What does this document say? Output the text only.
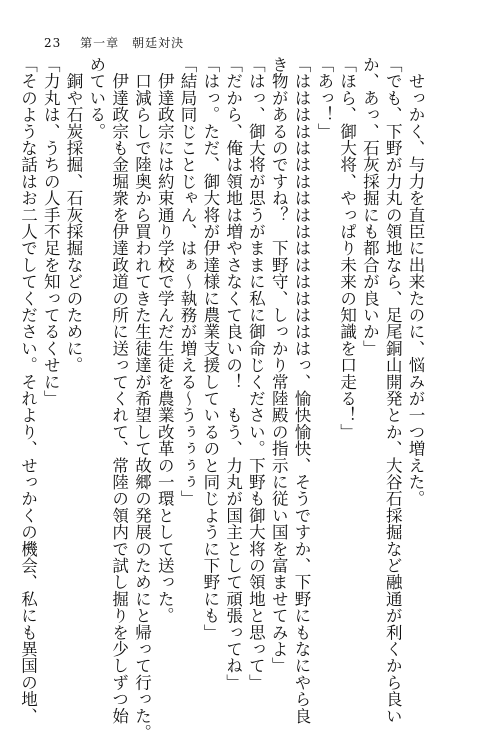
23 第一章　朝廷対決
　せっかく、与力を直臣に出来たのに、悩みが一つ増えた。
「でも、下野が力丸の領地なら、足尾銅山開発とか、大谷石採掘など融通が利くから良い
か、あっ、石灰採掘にも都合が良いか」
「ほら、御大将、やっぱり未来の知識を口走る！」
「あっ！」
「はははははははははははははははははっ、愉快愉快、そうですか、下野にもなにやら良
き物があるのですね？　下野守、しっかり常陸殿の指示に従い国を富ませてみよ」
「はっ、御大将が思うがままに私に御命じください。下野も御大将の領地と思って」
「だから、俺は領地は増やさなくて良いの！　もう、力丸が国主として頑張ってね」
「はっ。ただ、御大将が伊達様に農業支援しているのと同じように下野にも」
「結局同じことじゃん、はぁ〜執務が増える〜うぅぅぅぅ」
　伊達政宗には約束通り学校で学んだ生徒を農業改革の一環として送った。
　口減らしで陸奥から買われてきた生徒達が希望して故郷の発展のためにと帰って行った。
　伊達政宗も金堀衆を伊達政道の所に送ってくれて、常陸の領内で試し掘りを少しずつ始
めている。
　銅や石炭採掘、石灰採掘などのために。
「力丸は、うちの人手不足を知ってるくせに」
「そのような話はお二人でしてください。それより、せっかくの機会、私にも異国の地、
